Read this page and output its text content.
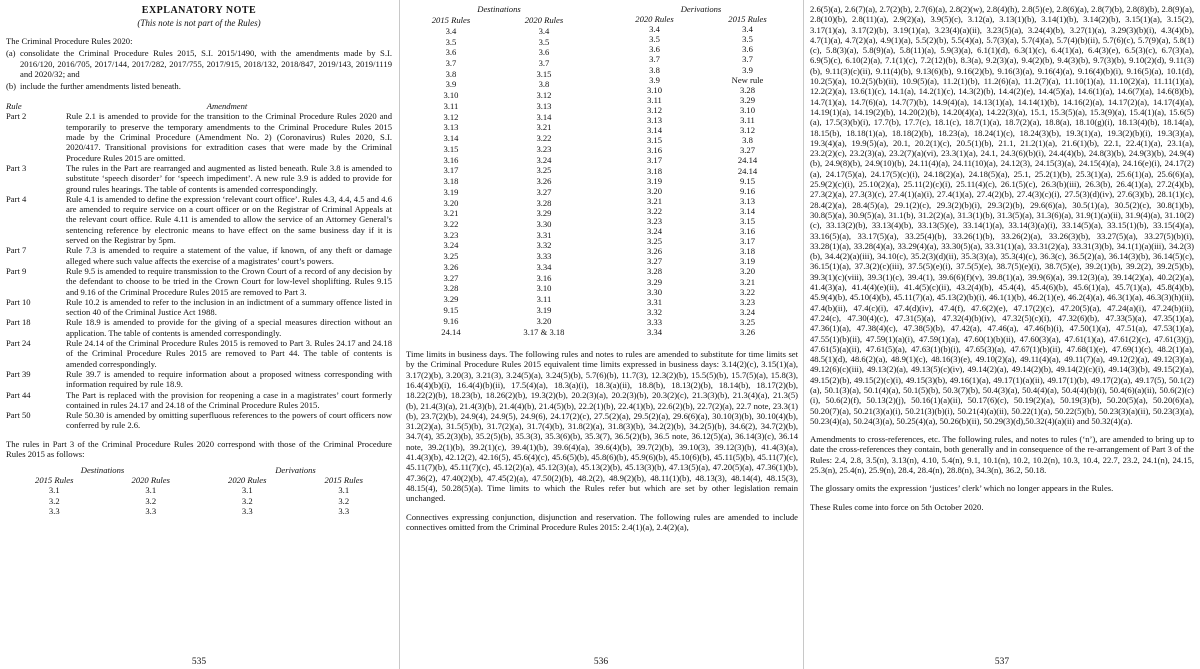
EXPLANATORY NOTE
(This note is not part of the Rules)

The Criminal Procedure Rules 2020:

(a) consolidate the Criminal Procedure Rules 2015, S.I. 2015/1490, with the amendments made by S.I. 2016/120, 2016/705, 2017/144, 2017/282, 2017/755, 2017/915, 2018/132, 2018/847, 2019/143, 2019/1119 and 2020/32; and
(b) include the further amendments listed beneath.
Rule	Amendment
Part 2	Rule 2.1 is amended to provide for the transition to the Criminal Procedure Rules 2020 and temporarily to preserve the temporary amendments to the Criminal Procedure Rules 2015 made by the Criminal Procedure (Amendment No. 2) (Coronavirus) Rules 2020, S.I. 2020/417. Transitional provisions for extradition cases that were made by the Criminal Procedure Rules 2015 are omitted.
Part 3	The rules in the Part are rearranged and augmented as listed beneath. Rule 3.8 is amended to substitute ‘speech disorder’ for ‘speech impediment’. A new rule 3.9 is added to provide for ground rules hearings. The table of contents is amended correspondingly.
Part 4	Rule 4.1 is amended to define the expression ‘relevant court office’. Rules 4.3, 4.4, 4.5 and 4.6 are amended to require service on a court officer or on the Registrar of Criminal Appeals at the relevant court office. Rule 4.11 is amended to allow the service of an Attorney General’s sentencing reference by electronic means to have effect on the same business day if it is served on the Registrar by 5pm.
Part 7	Rule 7.3 is amended to require a statement of the value, if known, of any theft or damage alleged where such value affects the exercise of a magistrates’ court’s powers.
Part 9	Rule 9.5 is amended to require transmission to the Crown Court of a record of any decision by the defendant to choose to be tried in the Crown Court for low-level shoplifting. Rules 9.15 and 9.16 of the Criminal Procedure Rules 2015 are removed to Part 3.
Part 10	Rule 10.2 is amended to refer to the inclusion in an indictment of a summary offence listed in section 40 of the Criminal Justice Act 1988.
Part 18	Rule 18.9 is amended to provide for the giving of a special measures direction without an application. The table of contents is amended correspondingly.
Part 24	Rule 24.14 of the Criminal Procedure Rules 2015 is removed to Part 3. Rules 24.17 and 24.18 of the Criminal Procedure Rules 2015 are removed to Part 44. The table of contents is amended correspondingly.
Part 39	Rule 39.7 is amended to require information about a proposed witness corresponding with information required by rule 18.9.
Part 44	The Part is replaced with the provision for reopening a case in a magistrates’ court formerly contained in rules 24.17 and 24.18 of the Criminal Procedure Rules 2015.
Part 50	Rule 50.30 is amended by omitting superfluous references to the powers of court officers now conferred by rule 2.6.

The rules in Part 3 of the Criminal Procedure Rules 2020 correspond with those of the Criminal Procedure Rules 2015 as follows:

Destinations		Derivations	
2015 Rules	2020 Rules	2020 Rules	2015 Rules
3.1	3.1	3.1	3.1
3.2	3.2	3.2	3.2
3.3	3.3	3.3	3.3
535
Destinations	
2015 Rules	2020 Rules
3.4	3.4
3.5	3.5
3.6	3.6
3.7	3.7
3.8	3.15
3.9	3.8
3.10	3.12
3.11	3.13
3.12	3.14
3.13	3.21
3.14	3.22
3.15	3.23
3.16	3.24
3.17	3.25
3.18	3.26
3.19	3.27
3.20	3.28
3.21	3.29
3.22	3.30
3.23	3.31
3.24	3.32
3.25	3.33
3.26	3.34
3.27	3.16
3.28	3.10
3.29	3.11
9.15	3.19
9.16	3.20
24.14	3.17 & 3.18
Derivations	
2020 Rules	2015 Rules
3.4	3.4
3.5	3.5
3.6	3.6
3.7	3.7
3.8	3.9
3.9	New rule
3.10	3.28
3.11	3.29
3.12	3.10
3.13	3.11
3.14	3.12
3.15	3.8
3.16	3.27
3.17	24.14
3.18	24.14
3.19	9.15
3.20	9.16
3.21	3.13
3.22	3.14
3.23	3.15
3.24	3.16
3.25	3.17
3.26	3.18
3.27	3.19
3.28	3.20
3.29	3.21
3.30	3.22
3.31	3.23
3.32	3.24
3.33	3.25
3.34	3.26

Time limits in business days. The following rules and notes to rules are amended to substitute for time limits set by the Criminal Procedure Rules 2015 equivalent time limits expressed in business days: 3.14(2)(c), 3.15(1)(a), 3.17(2)(b), 3.20(3), 3.21(3), 3.24(5)(a), 3.24(5)(b), 5.7(6)(b), 11.7(3), 12.3(2)(b), 15.5(5)(b), 15.7(5)(a), 15.8(3), 16.4(4)(b)(i), 16.4(4)(b)(ii), 17.5(4)(a), 18.3(a)(i), 18.3(a)(ii), 18.8(b), 18.13(2)(b), 18.14(b), 18.17(2)(b), 18.22(2)(b), 18.23(b), 18.26(2)(b), 19.3(2)(b), 20.2(3)(a), 20.2(3)(b), 20.3(2)(c), 21.3(3)(b), 21.3(4)(a), 21.3(5)(b), 21.4(3)(a), 21.4(3)(b), 21.4(4)(b), 21.4(5)(b), 22.2(1)(b), 22.4(1)(b), 22.6(2)(b), 22.7(2)(a), 22.7 note, 23.3(1)(b), 23.7(2)(b), 24.9(4), 24.9(5), 24.9(6), 24.17(2)(c), 27.5(2)(a), 29.5(2)(a), 29.6(6)(a), 30.10(3)(b), 30.10(4)(b), 31.2(2)(a), 31.5(5)(b), 31.7(2)(a), 31.7(4)(b), 31.8(2)(a), 31.8(3)(b), 34.2(2)(b), 34.2(5)(b), 34.6(2), 34.7(2)(b), 34.7(4), 35.2(3)(b), 35.2(5)(b), 35.3(3), 35.3(6)(b), 35.3(7), 36.5(2)(b), 36.5 note, 36.12(5)(a), 36.14(3)(c), 36.14 note, 39.2(1)(b), 39.2(1)(c), 39.4(1)(b), 39.6(4)(a), 39.6(4)(b), 39.7(2)(b), 39.10(3), 39.12(3)(b), 41.4(3)(a), 41.4(3)(b), 42.12(2), 42.16(5), 45.6(4)(c), 45.6(5)(b), 45.8(6)(b), 45.9(6)(b), 45.10(6)(b), 45.11(5)(b), 45.11(7)(c), 45.11(7)(b), 45.11(7)(c), 45.12(2)(a), 45.12(3)(a), 45.13(2)(b), 45.13(3)(b), 47.13(5)(a), 47.20(5)(a), 47.36(1)(b), 47.36(2), 47.40(2)(b), 47.45(2)(a), 47.50(2)(b), 48.2(2), 48.9(2)(b), 48.11(1)(b), 48.13(3), 48.14(4), 48.15(3), 48.15(4), 50.28(5)(a). Time limits to which the Rules refer but which are set by other legislation remain unchanged.

Connectives expressing conjunction, disjunction and reservation. The following rules are amended to include connectives omitted from the Criminal Procedure Rules 2015: 2.4(1)(a), 2.4(2)(a),

536

2.6(5)(a), 2.6(7)(a), 2.7(2)(b), 2.7(6)(a), 2.8(2)(w), 2.8(4)(h), 2.8(5)(e), 2.8(6)(a), 2.8(7)(b), 2.8(8)(b), 2.8(9)(a), 2.8(10)(b), 2.8(11)(a), 2.9(2)(a), 3.9(5)(c), 3.12(a), 3.13(1)(b), 3.14(1)(b), 3.14(2)(b), 3.15(1)(a), 3.15(2), 3.17(1)(a), 3.17(2)(b), 3.19(1)(a), 3.23(4)(a)(ii), 3.23(5)(a), 3.24(4)(b), 3.27(1)(a), 3.29(3)(b)(i), 4.3(4)(b), 4.7(1)(a), 4.7(2)(a), 4.9(1)(a), 5.5(2)(b), 5.5(4)(a), 5.7(3)(a), 5.7(4)(a), 5.7(4)(b)(ii), 5.7(6)(c), 5.7(9)(a), 5.8(1)(c), 5.8(3)(a), 5.8(9)(a), 5.8(11)(a), 5.9(3)(a), 6.1(1)(d), 6.3(1)(c), 6.4(1)(a), 6.4(3)(e), 6.5(3)(c), 6.7(3)(a), 6.9(5)(c), 6.10(2)(a), 7.1(1)(c), 7.2(12)(b), 8.3(a), 9.2(3)(a), 9.4(2)(b), 9.4(3)(b), 9.7(3)(b), 9.10(2)(d), 9.11(3)(b), 9.11(3)(c)(ii), 9.11(4)(b), 9.13(6)(b), 9.16(2)(b), 9.16(3)(a), 9.16(4)(a), 9.16(4)(b)(i), 9.16(5)(a), 10.1(d), 10.2(5)(a), 10.2(5)(b)(ii), 10.9(5)(a), 11.2(1)(b), 11.2(6)(a), 11.2(7)(a), 11.10(1)(a), 11.10(2)(a), 11.11(1)(a), 12.2(2)(a), 13.6(1)(c), 14.1(a), 14.2(1)(c), 14.3(2)(b), 14.4(2)(e), 14.4(5)(a), 14.6(1)(a), 14.6(7)(a), 14.6(8)(b), 14.7(1)(a), 14.7(6)(a), 14.7(7)(b), 14.9(4)(a), 14.13(1)(a), 14.14(1)(b), 14.16(2)(a), 14.17(2)(a), 14.17(4)(a), 14.19(1)(a), 14.19(2)(b), 14.20(2)(b), 14.20(4)(a), 14.22(3)(a), 15.1, 15.3(5)(a), 15.3(9)(a), 15.4(1)(a), 15.6(5)(a), 17.5(3)(b)(i), 17.7(b), 17.7(c), 18.1(c), 18.7(1)(a), 18.7(2)(a), 18.8(a), 18.10(g)(i), 18.13(4)(b), 18.14(a), 18.15(b), 18.18(1)(a), 18.18(2)(b), 18.23(a), 18.24(1)(c), 18.24(3)(b), 19.3(1)(a), 19.3(2)(b)(i), 19.3(3)(a), 19.3(4)(a), 19.9(5)(a), 20.1, 20.2(1)(c), 20.5(1)(b), 21.1, 21.2(1)(a), 21.6(1)(b), 22.1, 22.4(1)(a), 23.1(a), 23.2(2)(c), 23.2(3)(a), 23.2(7)(a)(vi), 23.3(1)(a), 24.1, 24.3(6)(b)(i), 24.4(4)(b), 24.8(3)(b), 24.9(3)(b), 24.9(4)(b), 24.9(8)(b), 24.9(10)(b), 24.11(4)(a), 24.11(10)(a), 24.12(3), 24.15(3)(a), 24.15(4)(a), 24.16(e)(i), 24.17(2)(a), 24.17(5)(a), 24.17(5)(c)(i), 24.18(2)(a), 24.18(5)(a), 25.1, 25.2(1)(b), 25.3(1)(a), 25.6(1)(a), 25.6(6)(a), 25.9(2)(c)(i), 25.10(2)(a), 25.11(2)(c)(i), 25.11(4)(c), 26.1(5)(c), 26.3(b)(iii), 26.3(b), 26.4(1)(a), 27.2(4)(b), 27.3(2)(a), 27.3(3)(c), 27.4(1)(a)(i), 27.4(1)(a), 27.4(2)(b), 27.4(3)(c)(i), 27.5(3)(d)(iv), 27.6(3)(b), 28.1(1)(c), 28.4(2)(a), 28.4(5)(a), 29.1(2)(c), 29.3(2)(b)(i), 29.3(2)(b), 29.6(6)(a), 30.5(1)(a), 30.5(2)(c), 30.8(1)(b), 30.8(5)(a), 30.9(5)(a), 31.1(b), 31.2(2)(a), 31.3(1)(b), 31.3(5)(a), 31.3(6)(a), 31.9(1)(a)(ii), 31.9(4)(a), 31.10(2)(c), 33.13(2)(b), 33.13(4)(b), 33.13(5)(e), 33.14(1)(a), 33.14(3)(a)(i), 33.14(5)(a), 33.15(1)(b), 33.15(4)(a), 33.16(5)(a), 33.17(5)(a), 33.25(4)(b), 33.26(1)(b), 33.26(2)(a), 33.26(3)(b), 33.27(5)(a), 33.27(5)(b)(i), 33.28(1)(a), 33.28(4)(a), 33.29(4)(a), 33.30(5)(a), 33.31(1)(a), 33.31(2)(a), 33.31(3)(b), 34.1(1)(a)(iii), 34.2(3)(b), 34.4(2)(a)(iii), 34.10(c), 35.2(3)(d)(ii), 35.3(3)(a), 35.3(4)(c), 36.3(c), 36.5(2)(a), 36.14(3)(b), 36.14(5)(c), 36.15(1)(a), 37.3(2)(c)(iii), 37.5(5)(e)(i), 37.5(5)(e), 38.7(5)(e)(i), 38.7(5)(e), 39.2(1)(b), 39.2(2), 39.2(5)(b), 39.3(1)(c)(viii), 39.3(1)(c), 39.4(1), 39.6(6)(f)(v), 39.8(1)(a), 39.9(6)(a), 39.12(3)(a), 39.14(2)(a), 40.2(2)(a), 41.4(3)(a), 41.4(4)(e)(ii), 41.4(5)(c)(ii), 43.2(4)(b), 45.4(4), 45.4(6)(b), 45.6(1)(a), 45.7(1)(a), 45.8(4)(b), 45.9(4)(b), 45.10(4)(b), 45.11(7)(a), 45.13(2)(b)(i), 46.1(1)(b), 46.2(1)(e), 46.2(4)(a), 46.3(1)(a), 46.3(3)(h)(ii), 47.4(b)(ii), 47.4(c)(i), 47.4(d)(iv), 47.4(f), 47.6(2)(e), 47.17(2)(c), 47.20(5)(a), 47.24(a)(i), 47.24(b)(ii), 47.24(c), 47.30(4)(c), 47.31(5)(a), 47.32(4)(b)(iv), 47.32(5)(c)(i), 47.32(6)(b), 47.33(5)(a), 47.35(1)(a), 47.36(1)(a), 47.38(4)(c), 47.38(5)(b), 47.42(a), 47.46(a), 47.46(b)(i), 47.50(1)(a), 47.51(a), 47.53(1)(a), 47.55(1)(b)(ii), 47.59(1)(a)(i), 47.59(1)(a), 47.60(1)(b)(ii), 47.60(3)(a), 47.61(1)(a), 47.61(2)(c), 47.61(3)(j), 47.61(5)(a)(ii), 47.61(5)(a), 47.63(1)(b)(i), 47.65(3)(a), 47.67(1)(b)(ii), 47.68(1)(e), 47.69(1)(c), 48.2(1)(a), 48.5(1)(d), 48.6(2)(a), 48.9(1)(c), 48.16(3)(e), 49.10(2)(a), 49.11(4)(a), 49.11(7)(a), 49.12(2)(a), 49.12(3)(a), 49.12(6)(c)(iii), 49.13(2)(a), 49.13(5)(c)(iv), 49.14(2)(a), 49.14(2)(b), 49.14(2)(c)(i), 49.14(3)(b), 49.15(2)(a), 49.15(2)(b), 49.15(2)(c)(i), 49.15(3)(b), 49.16(1)(a), 49.17(1)(a)(ii), 49.17(1)(b), 49.17(2)(a), 49.17(5), 50.1(2)(a), 50.1(3)(a), 50.1(4)(a), 50.1(5)(b), 50.3(7)(b), 50.4(3)(a), 50.4(4)(a), 50.4(4)(b)(i), 50.4(6)(a)(ii), 50.6(2)(c)(i), 50.6(2)(f), 50.13(2)(j), 50.16(1)(a)(ii), 50.17(6)(c), 50.19(2)(a), 50.19(3)(b), 50.20(5)(a), 50.20(6)(a), 50.20(7)(a), 50.21(3)(a)(i), 50.21(3)(b)(i), 50.21(4)(a)(ii), 50.22(1)(a), 50.22(5)(b), 50.23(3)(a)(ii), 50.23(3)(a), 50.23(4)(a), 50.24(3)(a), 50.25(4)(a), 50.26(b)(ii), 50.29(3)(d),50.32(4)(a)(ii) and 50.32(4)(a).

Amendments to cross-references, etc. The following rules, and notes to rules (‘n’), are amended to bring up to date the cross-references they contain, both generally and in consequence of the re-arrangement of Part 3 of the Rules: 2.4, 2.8, 3.5(n), 3.13(n), 4.10, 5.4(n), 9.1, 10.1(n), 10.2, 10.2(n), 10.3, 10.4, 22.7, 23.2, 24.1(n), 24.15, 25.3(n), 25.4(n), 25.9(n), 28.4, 28.4(n), 28.8(n), 34.3(n), 36.2, 50.18.

The glossary omits the expression ‘justices’ clerk’ which no longer appears in the Rules.

These Rules come into force on 5th October 2020.

537
